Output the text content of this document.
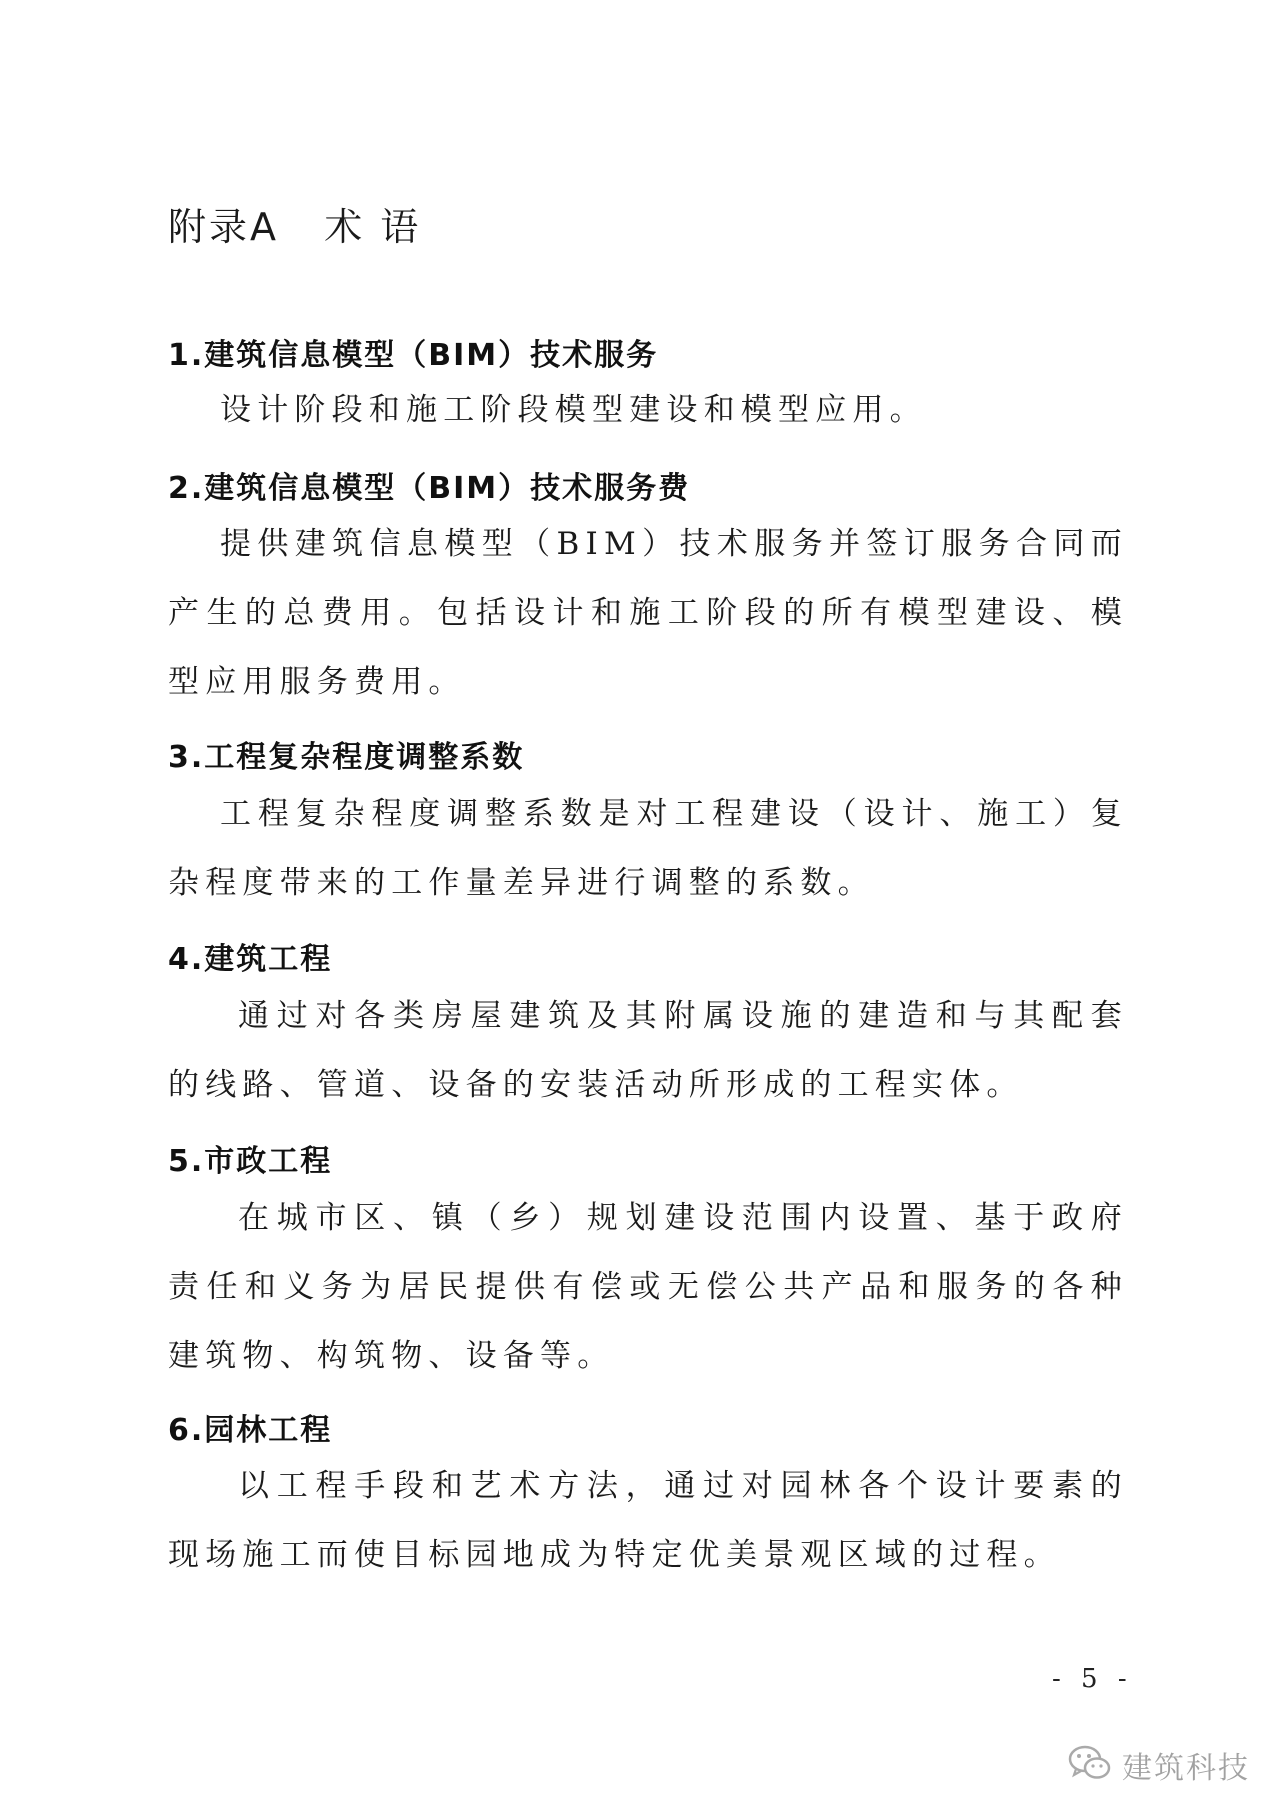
附录A   术 语
1.建筑信息模型（BIM）技术服务
设计阶段和施工阶段模型建设和模型应用。
2.建筑信息模型（BIM）技术服务费
提供建筑信息模型（BIM）技术服务并签订服务合同而产生的总费用。包括设计和施工阶段的所有模型建设、模型应用服务费用。
3.工程复杂程度调整系数
工程复杂程度调整系数是对工程建设（设计、施工）复杂程度带来的工作量差异进行调整的系数。
4.建筑工程
通过对各类房屋建筑及其附属设施的建造和与其配套的线路、管道、设备的安装活动所形成的工程实体。
5.市政工程
在城市区、镇（乡）规划建设范围内设置、基于政府责任和义务为居民提供有偿或无偿公共产品和服务的各种建筑物、构筑物、设备等。
6.园林工程
以工程手段和艺术方法，通过对园林各个设计要素的现场施工而使目标园地成为特定优美景观区域的过程。
- 5 -
建筑科技
